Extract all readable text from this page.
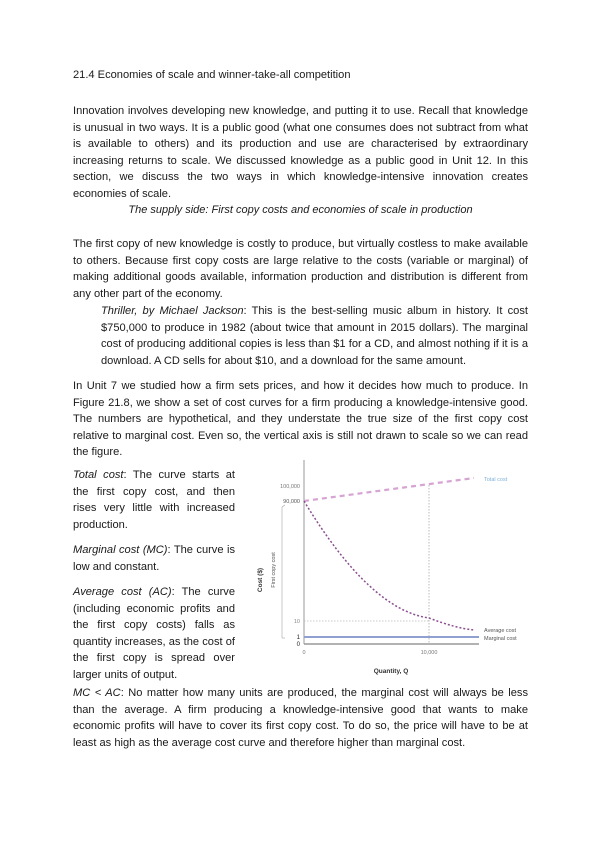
21.4 Economies of scale and winner-take-all competition

Innovation involves developing new knowledge, and putting it to use. Recall that knowledge is unusual in two ways. It is a public good (what one consumes does not subtract from what is available to others) and its production and use are characterised by extraordinary increasing returns to scale. We discussed knowledge as a public good in Unit 12. In this section, we discuss the two ways in which knowledge-intensive innovation creates economies of scale.

The supply side: First copy costs and economies of scale in production

The first copy of new knowledge is costly to produce, but virtually costless to make available to others. Because first copy costs are large relative to the costs (variable or marginal) of making additional goods available, information production and distribution is different from any other part of the economy.

Thriller, by Michael Jackson: This is the best-selling music album in history. It cost $750,000 to produce in 1982 (about twice that amount in 2015 dollars). The marginal cost of producing additional copies is less than $1 for a CD, and almost nothing if it is a download. A CD sells for about $10, and a download for the same amount.

In Unit 7 we studied how a firm sets prices, and how it decides how much to produce. In Figure 21.8, we show a set of cost curves for a firm producing a knowledge-intensive good. The numbers are hypothetical, and they understate the true size of the first copy cost relative to marginal cost. Even so, the vertical axis is still not drawn to scale so we can read the figure.

Total cost: The curve starts at the first copy cost, and then rises very little with increased production.

Marginal cost (MC): The curve is low and constant.

Average cost (AC): The curve (including economic profits and the first copy costs) falls as quantity increases, as the cost of the first copy is spread over larger units of output.

100,000
90,000
10
1
0
0	10,000
Total cost
Average cost
Marginal cost
Quantity, Q
Cost ($) First copy cost

MC < AC: No matter how many units are produced, the marginal cost will always be less than the average. A firm producing a knowledge-intensive good that wants to make economic profits will have to cover its first copy cost. To do so, the price will have to be at least as high as the average cost curve and therefore higher than marginal cost.
